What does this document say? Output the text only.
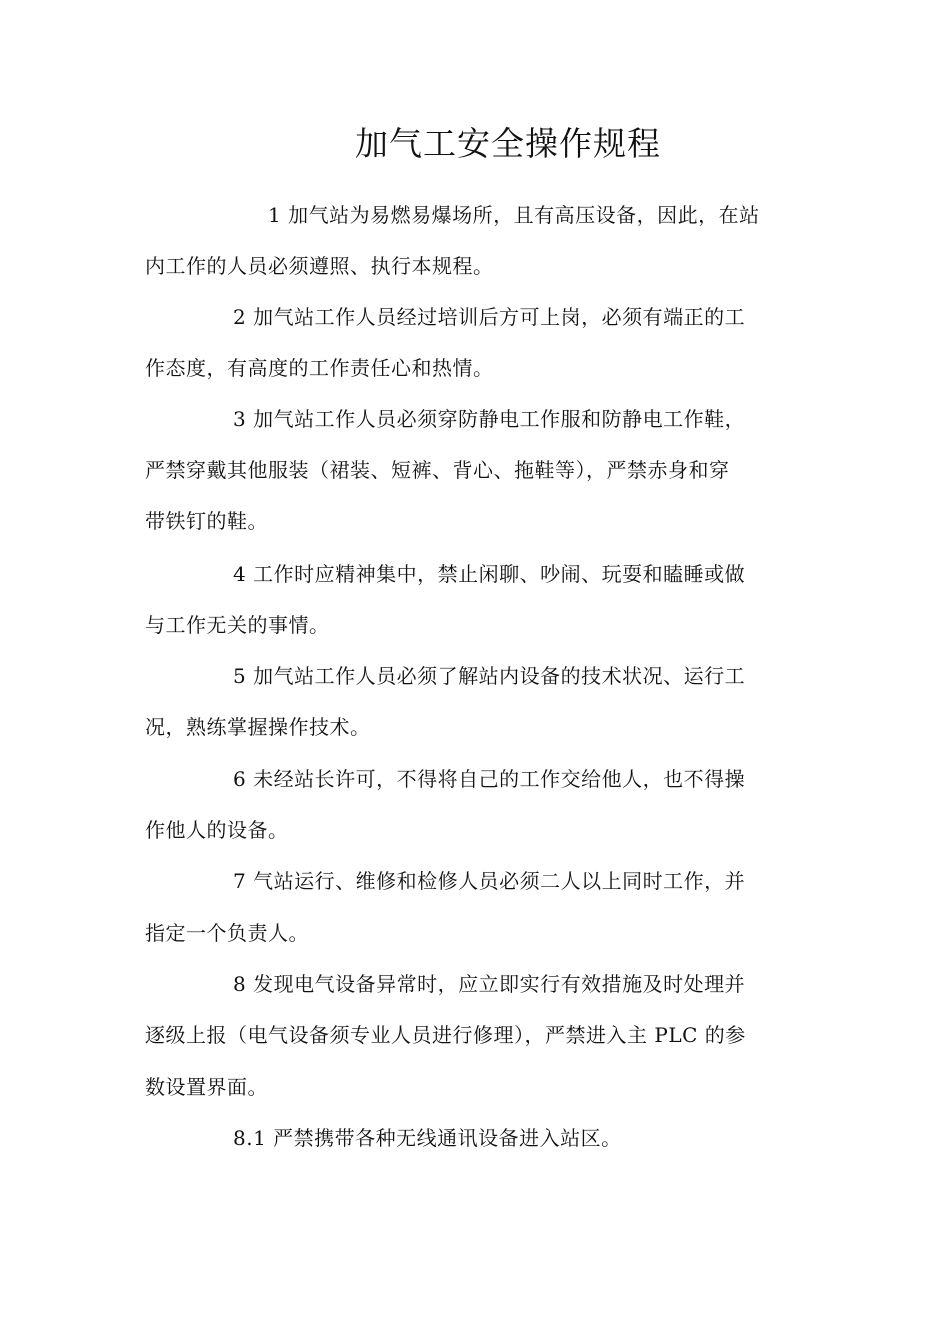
加气工安全操作规程
1 加气站为易燃易爆场所，且有高压设备，因此，在站
内工作的人员必须遵照、执行本规程。
2 加气站工作人员经过培训后方可上岗，必须有端正的工
作态度，有高度的工作责任心和热情。
3 加气站工作人员必须穿防静电工作服和防静电工作鞋，
严禁穿戴其他服装（裙装、短裤、背心、拖鞋等），严禁赤身和穿
带铁钉的鞋。
4 工作时应精神集中，禁止闲聊、吵闹、玩耍和瞌睡或做
与工作无关的事情。
5 加气站工作人员必须了解站内设备的技术状况、运行工
况，熟练掌握操作技术。
6 未经站长许可，不得将自己的工作交给他人，也不得操
作他人的设备。
7 气站运行、维修和检修人员必须二人以上同时工作，并
指定一个负责人。
8 发现电气设备异常时，应立即实行有效措施及时处理并
逐级上报（电气设备须专业人员进行修理），严禁进入主 PLC 的参
数设置界面。
8.1 严禁携带各种无线通讯设备进入站区。
